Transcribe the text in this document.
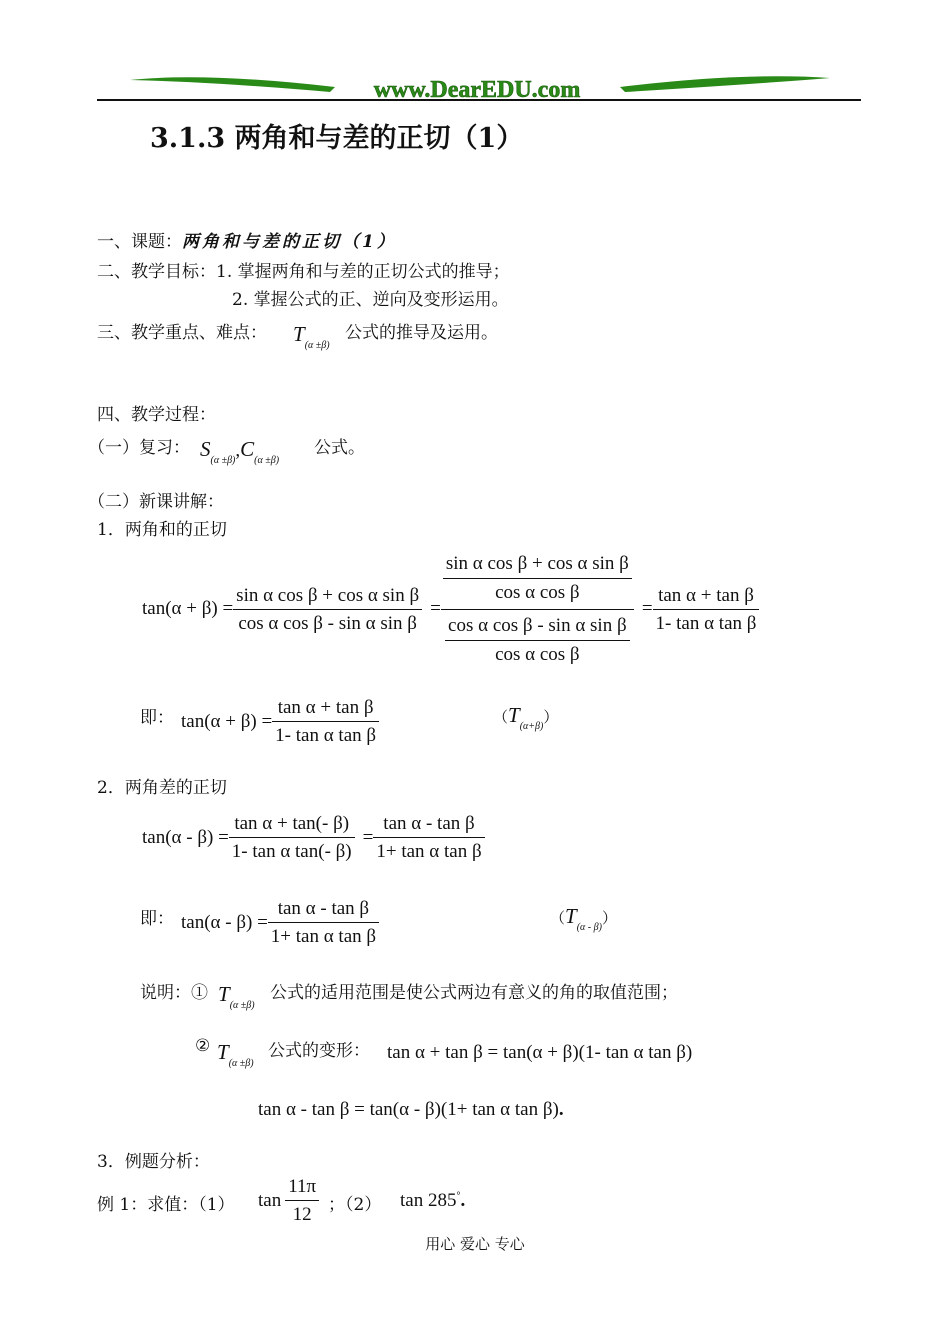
www.DearEDU.com
3.1.3 两角和与差的正切（1）
一、课题：两角和与差的正切（1）
二、教学目标：1. 掌握两角和与差的正切公式的推导；
2. 掌握公式的正、逆向及变形运用。
三、教学重点、难点： $T_{(\alpha \pm\beta)}$
公式的推导及运用。
四、教学过程：
（一）复习： $S_{(\alpha \pm\beta)},C_{(\alpha \pm\beta)}$
公式。
（二）新课讲解：
1．两角和的正切
$\tan(\alpha + \beta) = \frac{\text{sin α cos β + cos α sin β}}{\text{cos α cos β - sin α sin β}} = \frac{\frac{\text{sin α cos β + cos α sin β}}{\text{cos α cos β}}}{\frac{\text{cos α cos β - sin α sin β}}{\text{cos α cos β}}} = \frac{\text{tan α + tan β}}{\text{1- tan α tan β}}$
即： $\tan(\alpha + \beta) = \frac{\text{tan α + tan β}}{\text{1- tan α tan β}}$	$(T_{(\alpha+\beta)})$
2．两角差的正切
$\tan(\alpha - \beta) = \frac{\text{tan α + tan(- β)}}{\text{1- tan α tan(- β)}} = \frac{\text{tan α - tan β}}{\text{1+ tan α tan β}}$
即： $\tan(\alpha - \beta) = \frac{\text{tan α - tan β}}{\text{1+ tan α tan β}}$	$(T_{(\alpha - \beta)})$
说明：① $T_{(\alpha \pm\beta)}$
公式的适用范围是使公式两边有意义的角的取值范围；
② $T_{(\alpha \pm\beta)}$
公式的变形： tan α + tan β = tan(α + β)(1- tan α tan β)
tan α - tan β = tan(α - β)(1+ tan α tan β).
3．例题分析：
例 1：求值：（1） $\tan \frac{11\pi}{12}$ ；（2） tan 285°.
用心 爱心 专心
